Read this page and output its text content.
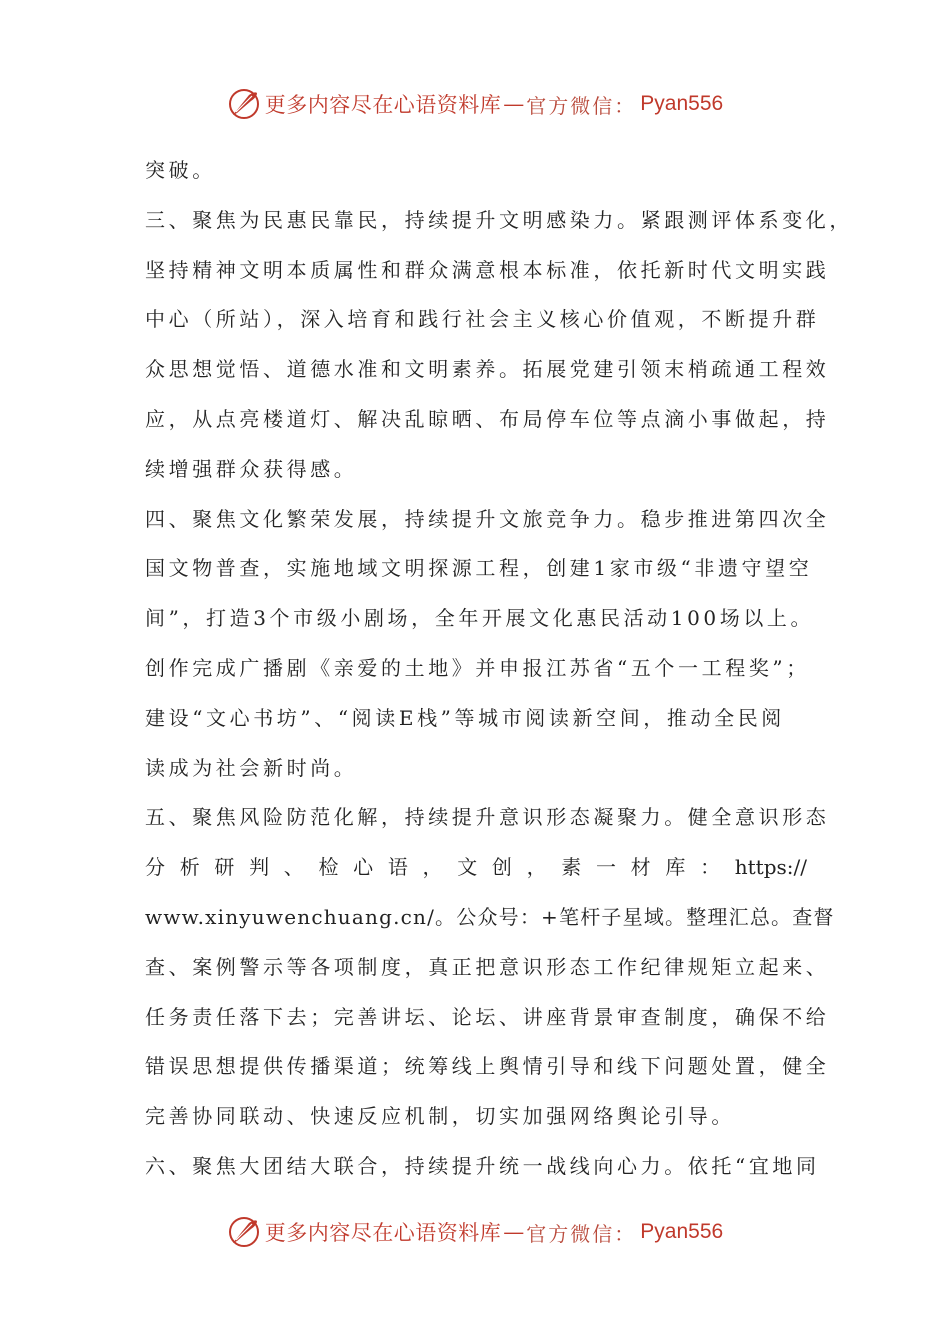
更多内容尽在心语资料库 — 官方微信： Pyan556
突破。
三、聚焦为民惠民靠民，持续提升文明感染力。紧跟测评体系变化，
坚持精神文明本质属性和群众满意根本标准，依托新时代文明实践
中心（所站），深入培育和践行社会主义核心价值观，不断提升群
众思想觉悟、道德水准和文明素养。拓展党建引领末梢疏通工程效
应，从点亮楼道灯、解决乱晾晒、布局停车位等点滴小事做起，持
续增强群众获得感。
四、聚焦文化繁荣发展，持续提升文旅竞争力。稳步推进第四次全
国文物普查，实施地域文明探源工程，创建1家市级“非遗守望空
间”，打造3个市级小剧场，全年开展文化惠民活动100场以上。
创作完成广播剧《亲爱的土地》并申报江苏省“五个一工程奖”；
建设“文心书坊”、“阅读E栈”等城市阅读新空间，推动全民阅
读成为社会新时尚。
五、聚焦风险防范化解，持续提升意识形态凝聚力。健全意识形态
分 析 研 判 、 检 心 语 ， 文 创 ， 素 一 材 库 ： https://
www.xinyuwenchuang.cn/。公众号：+笔杆子星域。整理汇总。查督
查、案例警示等各项制度，真正把意识形态工作纪律规矩立起来、
任务责任落下去；完善讲坛、论坛、讲座背景审查制度，确保不给
错误思想提供传播渠道；统筹线上舆情引导和线下问题处置，健全
完善协同联动、快速反应机制，切实加强网络舆论引导。
六、聚焦大团结大联合，持续提升统一战线向心力。依托“宜地同
更多内容尽在心语资料库 — 官方微信： Pyan556
